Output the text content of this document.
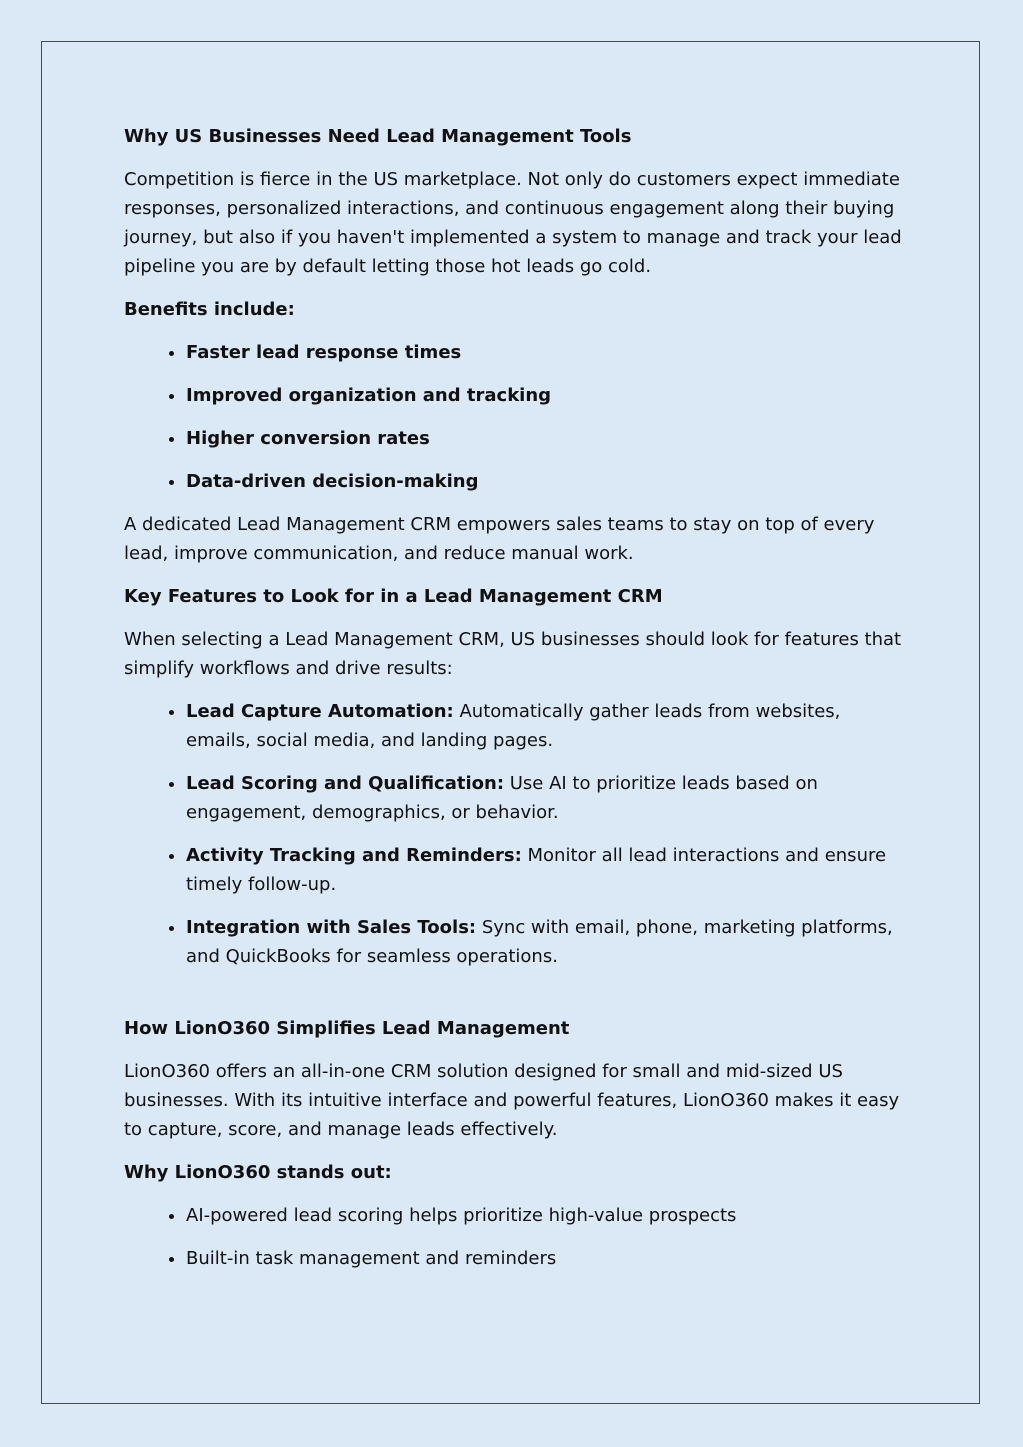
Why US Businesses Need Lead Management Tools
Competition is fierce in the US marketplace. Not only do customers expect immediate responses, personalized interactions, and continuous engagement along their buying journey, but also if you haven't implemented a system to manage and track your lead pipeline you are by default letting those hot leads go cold.
Benefits include:
• Faster lead response times
• Improved organization and tracking
• Higher conversion rates
• Data-driven decision-making
A dedicated Lead Management CRM empowers sales teams to stay on top of every lead, improve communication, and reduce manual work.
Key Features to Look for in a Lead Management CRM
When selecting a Lead Management CRM, US businesses should look for features that simplify workflows and drive results:
• Lead Capture Automation: Automatically gather leads from websites, emails, social media, and landing pages.
• Lead Scoring and Qualification: Use AI to prioritize leads based on engagement, demographics, or behavior.
• Activity Tracking and Reminders: Monitor all lead interactions and ensure timely follow-up.
• Integration with Sales Tools: Sync with email, phone, marketing platforms, and QuickBooks for seamless operations.
How LionO360 Simplifies Lead Management
LionO360 offers an all-in-one CRM solution designed for small and mid-sized US businesses. With its intuitive interface and powerful features, LionO360 makes it easy to capture, score, and manage leads effectively.
Why LionO360 stands out:
• AI-powered lead scoring helps prioritize high-value prospects
• Built-in task management and reminders
